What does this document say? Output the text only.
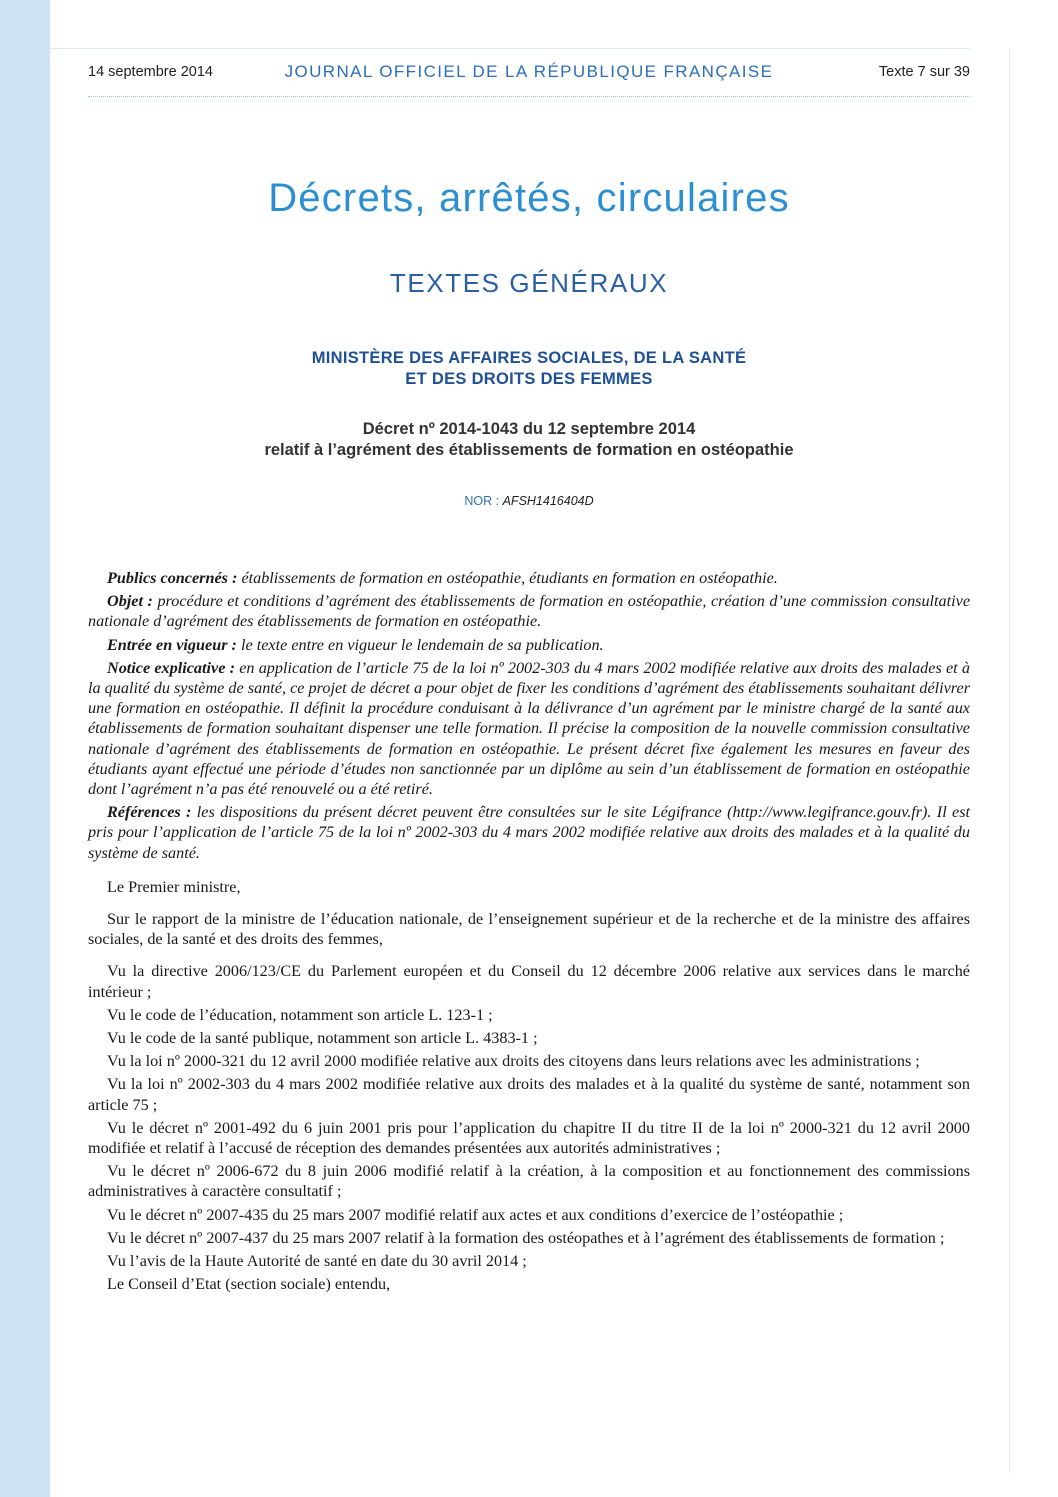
14 septembre 2014	JOURNAL OFFICIEL DE LA RÉPUBLIQUE FRANÇAISE	Texte 7 sur 39
Décrets, arrêtés, circulaires
TEXTES GÉNÉRAUX
MINISTÈRE DES AFFAIRES SOCIALES, DE LA SANTÉ
ET DES DROITS DES FEMMES
Décret nº 2014-1043 du 12 septembre 2014
relatif à l’agrément des établissements de formation en ostéopathie
NOR : AFSH1416404D

Publics concernés : établissements de formation en ostéopathie, étudiants en formation en ostéopathie.

Objet : procédure et conditions d’agrément des établissements de formation en ostéopathie, création d’une commission consultative nationale d’agrément des établissements de formation en ostéopathie.

Entrée en vigueur : le texte entre en vigueur le lendemain de sa publication.

Notice explicative : en application de l’article 75 de la loi nº 2002-303 du 4 mars 2002 modifiée relative aux droits des malades et à la qualité du système de santé, ce projet de décret a pour objet de fixer les conditions d’agrément des établissements souhaitant délivrer une formation en ostéopathie. Il définit la procédure conduisant à la délivrance d’un agrément par le ministre chargé de la santé aux établissements de formation souhaitant dispenser une telle formation. Il précise la composition de la nouvelle commission consultative nationale d’agrément des établissements de formation en ostéopathie. Le présent décret fixe également les mesures en faveur des étudiants ayant effectué une période d’études non sanctionnée par un diplôme au sein d’un établissement de formation en ostéopathie dont l’agrément n’a pas été renouvelé ou a été retiré.

Références : les dispositions du présent décret peuvent être consultées sur le site Légifrance (http://www.legifrance.gouv.fr). Il est pris pour l’application de l’article 75 de la loi nº 2002-303 du 4 mars 2002 modifiée relative aux droits des malades et à la qualité du système de santé.

Le Premier ministre,

Sur le rapport de la ministre de l’éducation nationale, de l’enseignement supérieur et de la recherche et de la ministre des affaires sociales, de la santé et des droits des femmes,

Vu la directive 2006/123/CE du Parlement européen et du Conseil du 12 décembre 2006 relative aux services dans le marché intérieur ;

Vu le code de l’éducation, notamment son article L. 123-1 ;

Vu le code de la santé publique, notamment son article L. 4383-1 ;

Vu la loi nº 2000-321 du 12 avril 2000 modifiée relative aux droits des citoyens dans leurs relations avec les administrations ;

Vu la loi nº 2002-303 du 4 mars 2002 modifiée relative aux droits des malades et à la qualité du système de santé, notamment son article 75 ;

Vu le décret nº 2001-492 du 6 juin 2001 pris pour l’application du chapitre II du titre II de la loi nº 2000-321 du 12 avril 2000 modifiée et relatif à l’accusé de réception des demandes présentées aux autorités administratives ;

Vu le décret nº 2006-672 du 8 juin 2006 modifié relatif à la création, à la composition et au fonctionnement des commissions administratives à caractère consultatif ;

Vu le décret nº 2007-435 du 25 mars 2007 modifié relatif aux actes et aux conditions d’exercice de l’ostéopathie ;

Vu le décret nº 2007-437 du 25 mars 2007 relatif à la formation des ostéopathes et à l’agrément des établissements de formation ;

Vu l’avis de la Haute Autorité de santé en date du 30 avril 2014 ;

Le Conseil d’Etat (section sociale) entendu,
